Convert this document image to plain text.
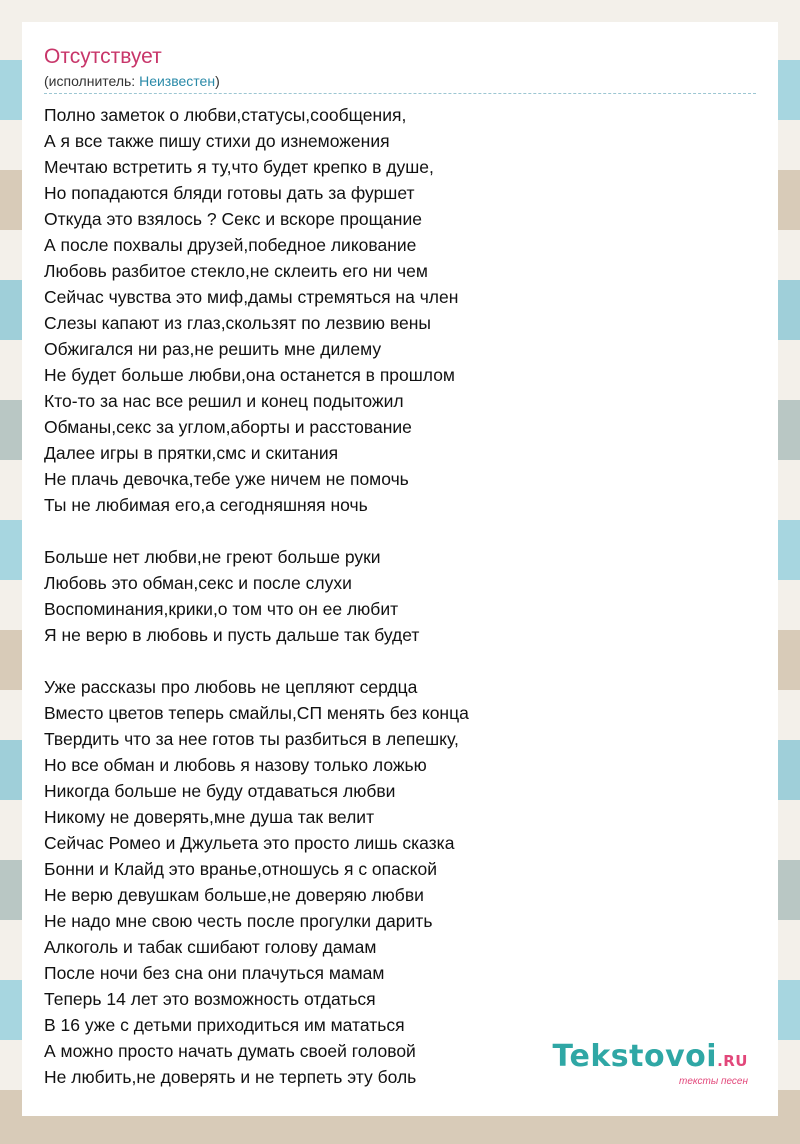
Отсутствует
(исполнитель: Неизвестен)
Полно заметок о любви,статусы,сообщения,
А я все также пишу стихи до изнеможения
Мечтаю встретить я ту,что будет крепко в душе,
Но попадаются бляди готовы дать за фуршет
Откуда это взялось ? Секс и вскоре прощание
А после похвалы друзей,победное ликование
Любовь разбитое стекло,не склеить его ни чем
Сейчас чувства это миф,дамы стремяться на член
Слезы капают из глаз,скользят по лезвию вены
Обжигался ни раз,не решить мне дилему
Не будет больше любви,она останется в прошлом
Кто-то за нас все решил и конец подытожил
Обманы,секс за углом,аборты и расстование
Далее игры в прятки,смс и скитания
Не плачь девочка,тебе уже ничем не помочь
Ты не любимая его,а сегодняшняя ночь
Больше нет любви,не греют больше руки
Любовь это обман,секс и после слухи
Воспоминания,крики,о том что он ее любит
Я не верю в любовь и пусть дальше так будет
Уже рассказы про любовь не цепляют сердца
Вместо цветов теперь смайлы,СП менять без конца
Твердить что за нее готов ты разбиться в лепешку,
Но все обман и любовь я назову только ложью
Никогда больше не буду отдаваться любви
Никому не доверять,мне душа так велит
Сейчас Ромео и Джульета это просто лишь сказка
Бонни и Клайд это вранье,отношусь я с опаской
Не верю девушкам больше,не доверяю любви
Не надо мне свою честь после прогулки дарить
Алкоголь и табак сшибают голову дамам
После ночи без сна они плачуться мамам
Теперь 14 лет это возможность отдаться
В 16 уже с детьми приходиться им мататься
А можно просто начать думать своей головой
Не любить,не доверять и не терпеть эту боль
Tekstovoi.RU
тексты песен
